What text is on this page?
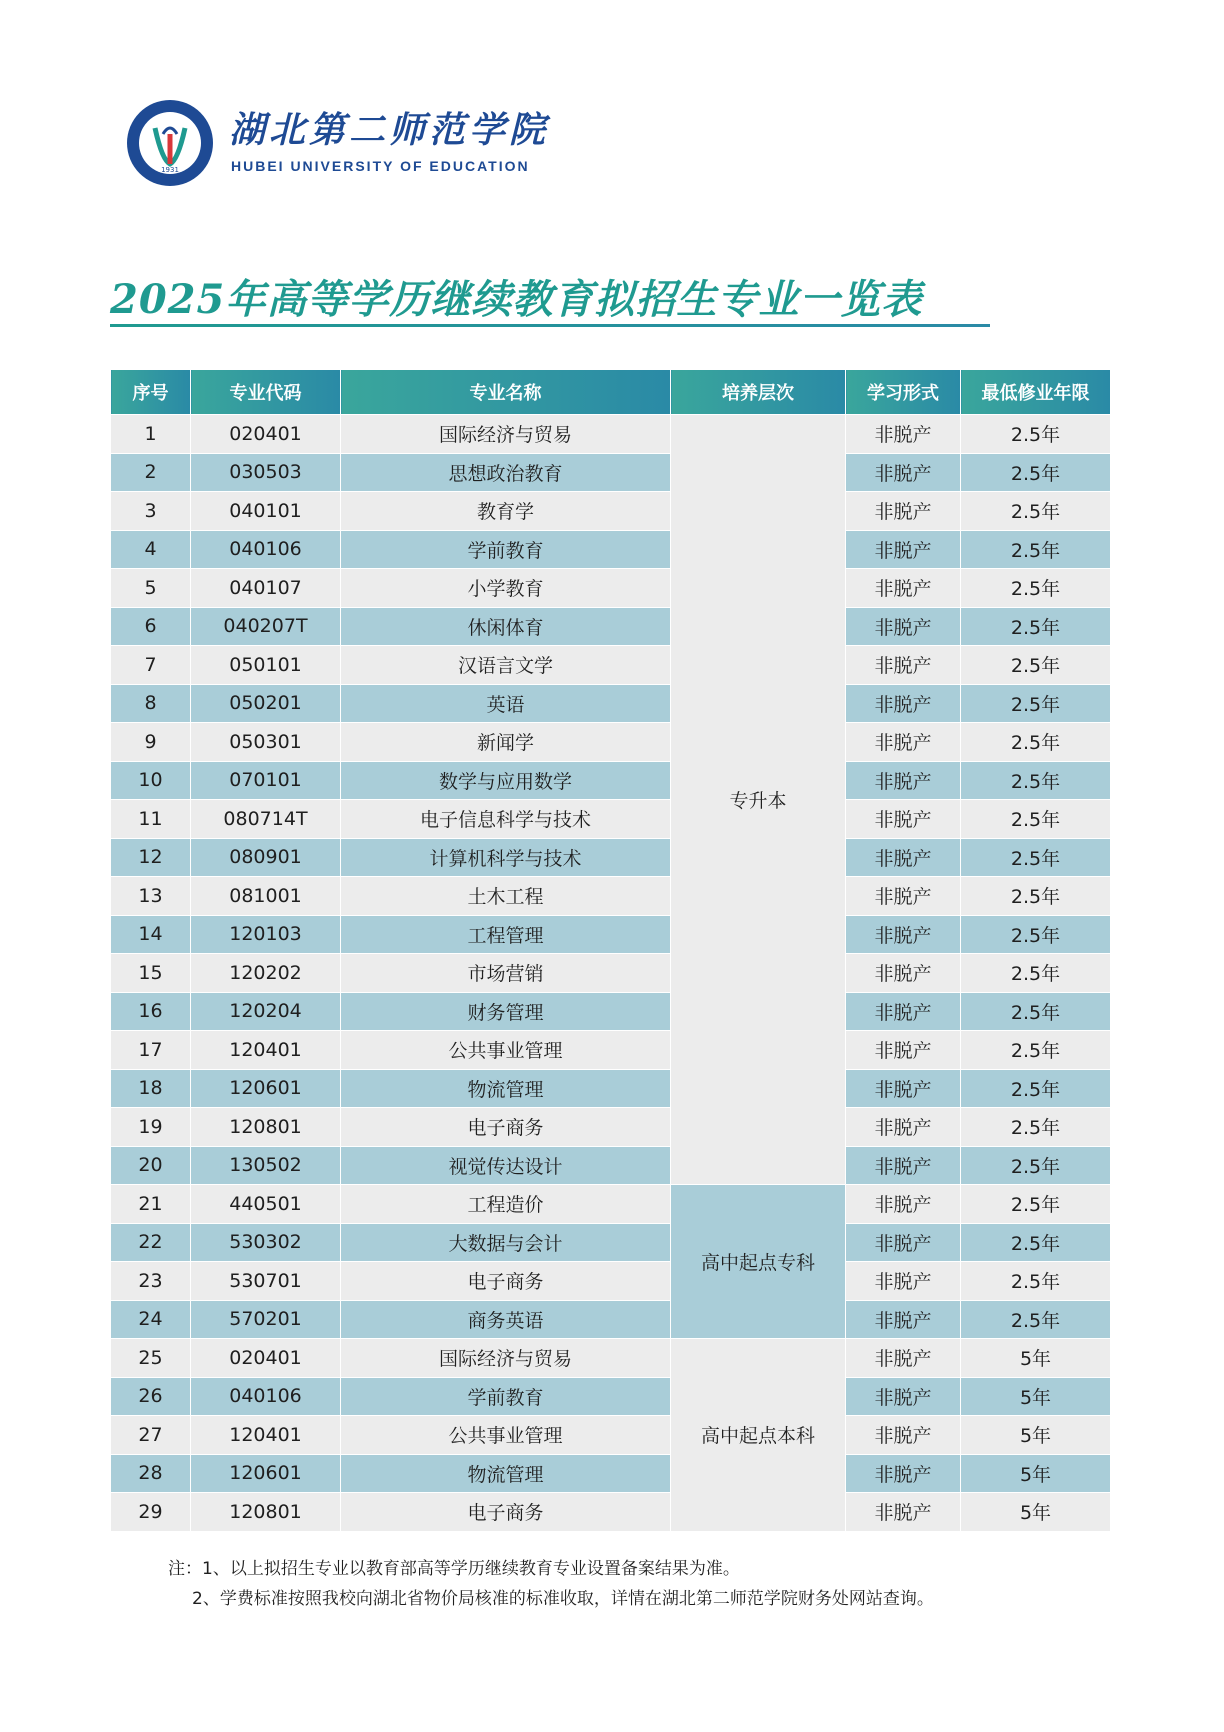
1931
湖北第二师范学院
HUBEI UNIVERSITY OF EDUCATION
2025年高等学历继续教育拟招生专业一览表
序号	专业代码	专业名称	培养层次	学习形式	最低修业年限
1	020401	国际经济与贸易	专升本	非脱产	2.5年
2	030503	思想政治教育		非脱产	2.5年
3	040101	教育学		非脱产	2.5年
4	040106	学前教育		非脱产	2.5年
5	040107	小学教育		非脱产	2.5年
6	040207T	休闲体育		非脱产	2.5年
7	050101	汉语言文学		非脱产	2.5年
8	050201	英语		非脱产	2.5年
9	050301	新闻学		非脱产	2.5年
10	070101	数学与应用数学		非脱产	2.5年
11	080714T	电子信息科学与技术		非脱产	2.5年
12	080901	计算机科学与技术		非脱产	2.5年
13	081001	土木工程		非脱产	2.5年
14	120103	工程管理		非脱产	2.5年
15	120202	市场营销		非脱产	2.5年
16	120204	财务管理		非脱产	2.5年
17	120401	公共事业管理		非脱产	2.5年
18	120601	物流管理		非脱产	2.5年
19	120801	电子商务		非脱产	2.5年
20	130502	视觉传达设计		非脱产	2.5年
21	440501	工程造价	高中起点专科	非脱产	2.5年
22	530302	大数据与会计		非脱产	2.5年
23	530701	电子商务		非脱产	2.5年
24	570201	商务英语		非脱产	2.5年
25	020401	国际经济与贸易	高中起点本科	非脱产	5年
26	040106	学前教育		非脱产	5年
27	120401	公共事业管理		非脱产	5年
28	120601	物流管理		非脱产	5年
29	120801	电子商务		非脱产	5年
注：1、以上拟招生专业以教育部高等学历继续教育专业设置备案结果为准。
2、学费标准按照我校向湖北省物价局核准的标准收取，详情在湖北第二师范学院财务处网站查询。
